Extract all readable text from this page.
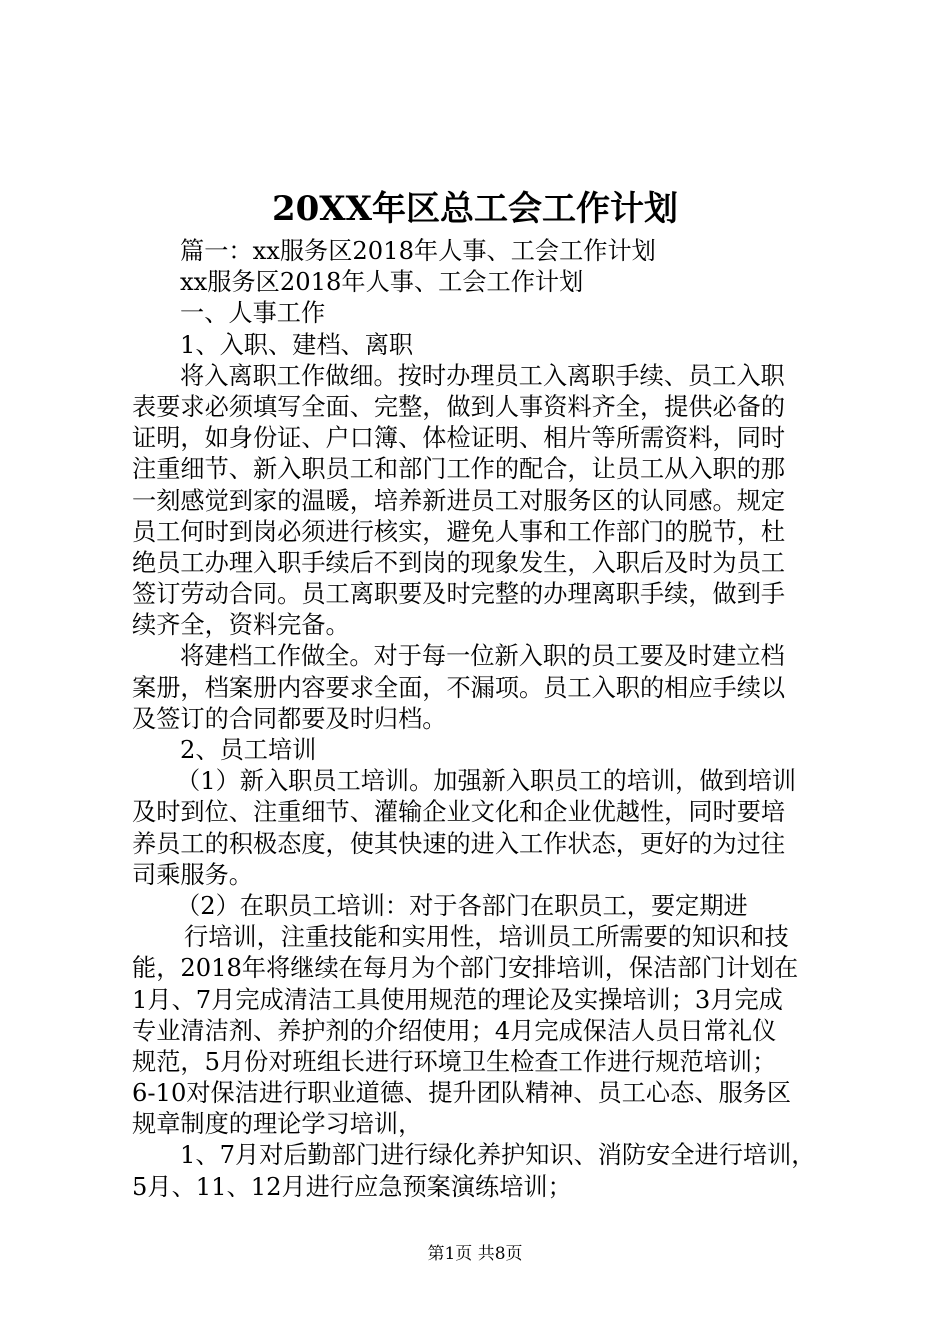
20XX年区总工会工作计划
篇一：xx服务区2018年人事、工会工作计划
xx服务区2018年人事、工会工作计划
一、人事工作
1、入职、建档、离职
将入离职工作做细。按时办理员工入离职手续、员工入职
表要求必须填写全面、完整，做到人事资料齐全，提供必备的
证明，如身份证、户口簿、体检证明、相片等所需资料，同时
注重细节、新入职员工和部门工作的配合，让员工从入职的那
一刻感觉到家的温暖，培养新进员工对服务区的认同感。规定
员工何时到岗必须进行核实，避免人事和工作部门的脱节，杜
绝员工办理入职手续后不到岗的现象发生，入职后及时为员工
签订劳动合同。员工离职要及时完整的办理离职手续，做到手
续齐全，资料完备。
将建档工作做全。对于每一位新入职的员工要及时建立档
案册，档案册内容要求全面，不漏项。员工入职的相应手续以
及签订的合同都要及时归档。
2、员工培训
（1）新入职员工培训。加强新入职员工的培训，做到培训
及时到位、注重细节、灌输企业文化和企业优越性，同时要培
养员工的积极态度，使其快速的进入工作状态，更好的为过往
司乘服务。
（2）在职员工培训：对于各部门在职员工，要定期进
行培训，注重技能和实用性，培训员工所需要的知识和技
能，2018年将继续在每月为个部门安排培训，保洁部门计划在
1月、7月完成清洁工具使用规范的理论及实操培训；3月完成
专业清洁剂、养护剂的介绍使用；4月完成保洁人员日常礼仪
规范，5月份对班组长进行环境卫生检查工作进行规范培训；
6-10对保洁进行职业道德、提升团队精神、员工心态、服务区
规章制度的理论学习培训，
1、7月对后勤部门进行绿化养护知识、消防安全进行培训，
5月、11、12月进行应急预案演练培训；
第1页 共8页
